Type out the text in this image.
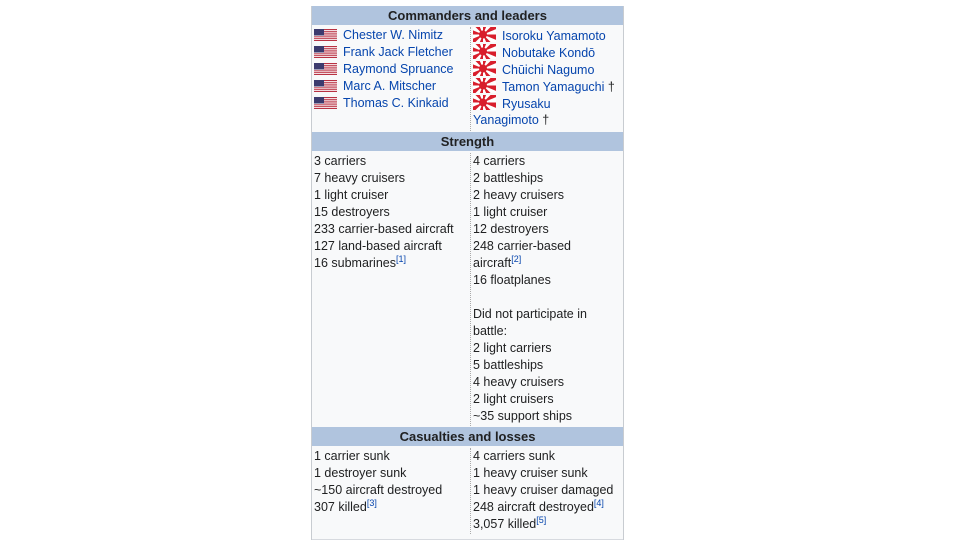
Commanders and leaders
Chester W. Nimitz
Frank Jack Fletcher
Raymond Spruance
Marc A. Mitscher
Thomas C. Kinkaid
Isoroku Yamamoto
Nobutake Kondō
Chūichi Nagumo
Tamon Yamaguchi †
Ryusaku
Yanagimoto †
Strength
3 carriers
7 heavy cruisers
1 light cruiser
15 destroyers
233 carrier-based aircraft
127 land-based aircraft
16 submarines[1]
4 carriers
2 battleships
2 heavy cruisers
1 light cruiser
12 destroyers
248 carrier-based aircraft[2]
16 floatplanes
Did not participate in battle:
2 light carriers
5 battleships
4 heavy cruisers
2 light cruisers
~35 support ships
Casualties and losses
1 carrier sunk
1 destroyer sunk
~150 aircraft destroyed
307 killed[3]
4 carriers sunk
1 heavy cruiser sunk
1 heavy cruiser damaged
248 aircraft destroyed[4]
3,057 killed[5]
